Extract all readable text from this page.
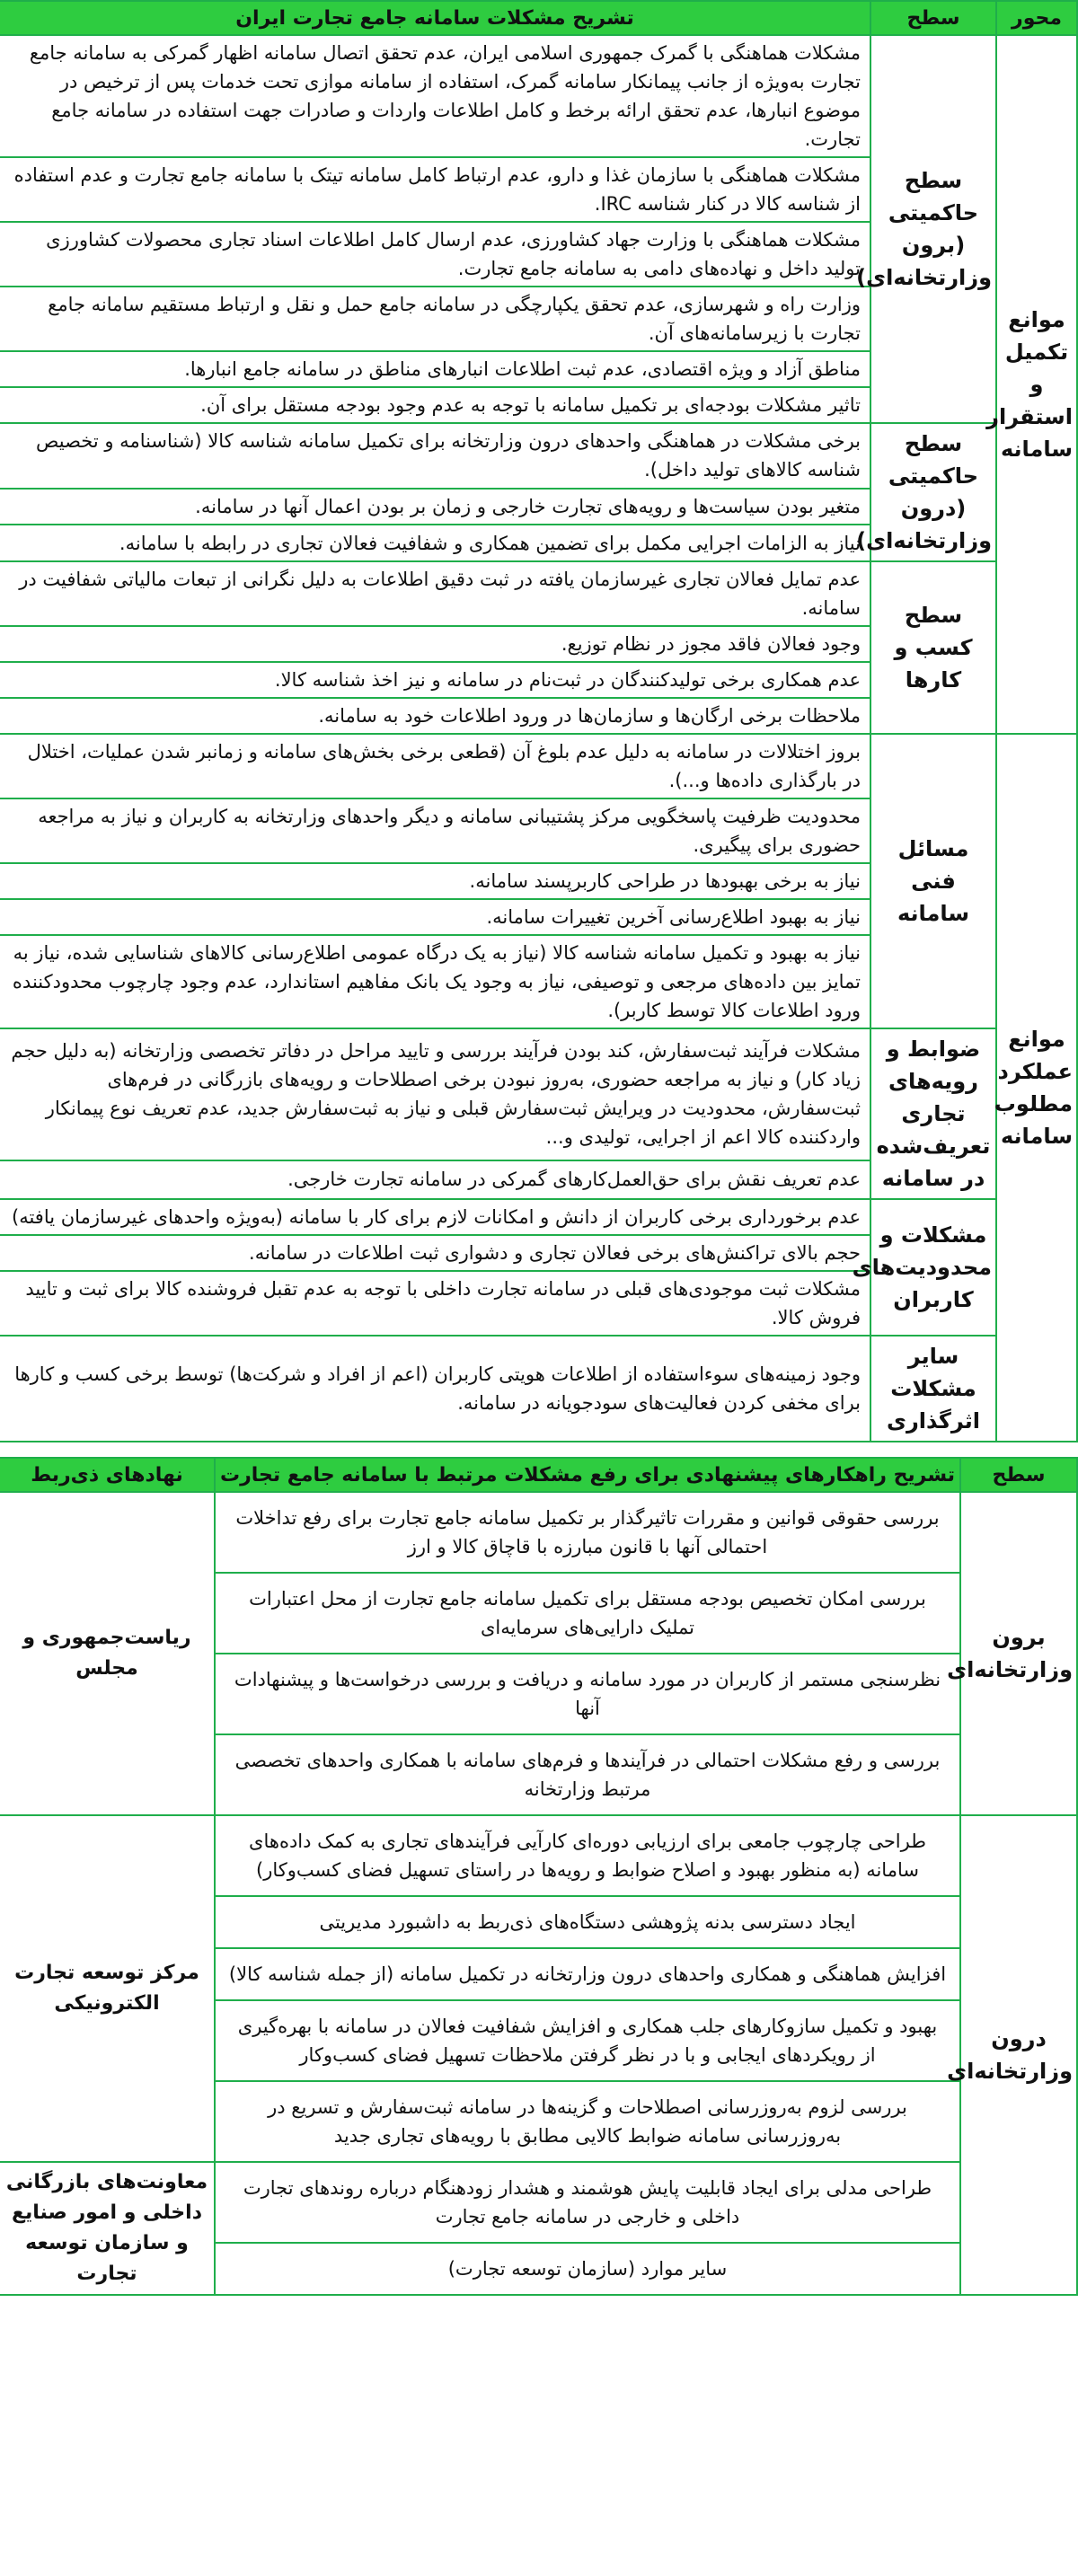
محور	سطح	تشریح مشکلات سامانه جامع تجارت ایران
موانع تکمیل و استقرار سامانه	سطح حاکمیتی (برون وزارتخانه‌ای)	مشکلات هماهنگی با گمرک جمهوری اسلامی ایران، عدم تحقق اتصال سامانه اظهار گمرکی به سامانه جامع تجارت به‌ویژه از جانب پیمانکار سامانه گمرک، استفاده از سامانه موازی تحت خدمات پس از ترخیص در موضوع انبارها، عدم تحقق ارائه برخط و کامل اطلاعات واردات و صادرات جهت استفاده در سامانه جامع تجارت.
		مشکلات هماهنگی با سازمان غذا و دارو، عدم ارتباط کامل سامانه تیتک با سامانه جامع تجارت و عدم استفاده از شناسه کالا در کنار شناسه IRC.
		مشکلات هماهنگی با وزارت جهاد کشاورزی، عدم ارسال کامل اطلاعات اسناد تجاری محصولات کشاورزی تولید داخل و نهاده‌های دامی به سامانه جامع تجارت.
		وزارت راه و شهرسازی، عدم تحقق یکپارچگی در سامانه جامع حمل و نقل و ارتباط مستقیم سامانه جامع تجارت با زیرسامانه‌های آن.
		مناطق آزاد و ویژه اقتصادی، عدم ثبت اطلاعات انبارهای مناطق در سامانه جامع انبارها.
		تاثیر مشکلات بودجه‌ای بر تکمیل سامانه با توجه به عدم وجود بودجه مستقل برای آن.
	سطح حاکمیتی (درون وزارتخانه‌ای)	برخی مشکلات در هماهنگی واحدهای درون وزارتخانه برای تکمیل سامانه شناسه کالا (شناسنامه و تخصیص شناسه کالاهای تولید داخل).
		متغیر بودن سیاست‌ها و رویه‌های تجارت خارجی و زمان بر بودن اعمال آنها در سامانه.
		نیاز به الزامات اجرایی مکمل برای تضمین همکاری و شفافیت فعالان تجاری در رابطه با سامانه.
	سطح کسب و کارها	عدم تمایل فعالان تجاری غیرسازمان یافته در ثبت دقیق اطلاعات به دلیل نگرانی از تبعات مالیاتی شفافیت در سامانه.
		وجود فعالان فاقد مجوز در نظام توزیع.
		عدم همکاری برخی تولیدکنندگان در ثبت‌نام در سامانه و نیز اخذ شناسه کالا.
		ملاحظات برخی ارگان‌ها و سازمان‌ها در ورود اطلاعات خود به سامانه.
موانع عملکرد مطلوب سامانه	مسائل فنی سامانه	بروز اختلالات در سامانه به دلیل عدم بلوغ آن (قطعی برخی بخش‌های سامانه و زمانبر شدن عملیات، اختلال در بارگذاری داده‌ها و...).
		محدودیت ظرفیت پاسخگویی مرکز پشتیبانی سامانه و دیگر واحدهای وزارتخانه به کاربران و نیاز به مراجعه حضوری برای پیگیری.
		نیاز به برخی بهبودها در طراحی کاربرپسند سامانه.
		نیاز به بهبود اطلاع‌رسانی آخرین تغییرات سامانه.
		نیاز به بهبود و تکمیل سامانه شناسه کالا (نیاز به یک درگاه عمومی اطلاع‌رسانی کالاهای شناسایی شده، نیاز به تمایز بین داده‌های مرجعی و توصیفی، نیاز به وجود یک بانک مفاهیم استاندارد، عدم وجود چارچوب محدودکننده ورود اطلاعات کالا توسط کاربر).
	ضوابط و رویه‌های تجاری تعریف‌شده در سامانه	مشکلات فرآیند ثبت‌سفارش، کند بودن فرآیند بررسی و تایید مراحل در دفاتر تخصصی وزارتخانه (به دلیل حجم زیاد کار) و نیاز به مراجعه حضوری، به‌روز نبودن برخی اصطلاحات و رویه‌های بازرگانی در فرم‌های ثبت‌سفارش، محدودیت در ویرایش ثبت‌سفارش قبلی و نیاز به ثبت‌سفارش جدید، عدم تعریف نوع پیمانکار واردکننده کالا اعم از اجرایی، تولیدی و...
		عدم تعریف نقش برای حق‌العمل‌کارهای گمرکی در سامانه تجارت خارجی.
	مشکلات و محدودیت‌های کاربران	عدم برخورداری برخی کاربران از دانش و امکانات لازم برای کار با سامانه (به‌ویژه واحدهای غیرسازمان یافته)
		حجم بالای تراکنش‌های برخی فعالان تجاری و دشواری ثبت اطلاعات در سامانه.
		مشکلات ثبت موجودی‌های قبلی در سامانه تجارت داخلی با توجه به عدم تقبل فروشنده کالا برای ثبت و تایید فروش کالا.
	سایر مشکلات اثرگذاری	وجود زمینه‌های سوءاستفاده از اطلاعات هویتی کاربران (اعم از افراد و شرکت‌ها) توسط برخی کسب و کارها برای مخفی کردن فعالیت‌های سودجویانه در سامانه.
سطح	تشریح راهکارهای پیشنهادی برای رفع مشکلات مرتبط با سامانه جامع تجارت	نهادهای ذی‌ربط
برون وزارتخانه‌ای	بررسی حقوقی قوانین و مقررات تاثیرگذار بر تکمیل سامانه جامع تجارت برای رفع تداخلات احتمالی آنها با قانون مبارزه با قاچاق کالا و ارز	ریاست‌جمهوری و مجلس
	بررسی امکان تخصیص بودجه مستقل برای تکمیل سامانه جامع تجارت از محل اعتبارات تملیک دارایی‌های سرمایه‌ای	
	نظرسنجی مستمر از کاربران در مورد سامانه و دریافت و بررسی درخواست‌ها و پیشنهادات آنها	
	بررسی و رفع مشکلات احتمالی در فرآیندها و فرم‌های سامانه با همکاری واحدهای تخصصی مرتبط وزارتخانه	
درون وزارتخانه‌ای	طراحی چارچوب جامعی برای ارزیابی دوره‌ای کارآیی فرآیندهای تجاری به کمک داده‌های سامانه (به منظور بهبود و اصلاح ضوابط و رویه‌ها در راستای تسهیل فضای کسب‌وکار)	مرکز توسعه تجارت الکترونیکی
	ایجاد دسترسی بدنه پژوهشی دستگاه‌های ذی‌ربط به داشبورد مدیریتی	
	افزایش هماهنگی و همکاری واحدهای درون وزارتخانه در تکمیل سامانه (از جمله شناسه کالا)	
	بهبود و تکمیل سازوکارهای جلب همکاری و افزایش شفافیت فعالان در سامانه با بهره‌گیری از رویکردهای ایجابی و با در نظر گرفتن ملاحظات تسهیل فضای کسب‌وکار	
	بررسی لزوم به‌روزرسانی اصطلاحات و گزینه‌ها در سامانه ثبت‌سفارش و تسریع در به‌روزرسانی سامانه ضوابط کالایی مطابق با رویه‌های تجاری جدید	
	طراحی مدلی برای ایجاد قابلیت پایش هوشمند و هشدار زودهنگام درباره روندهای تجارت داخلی و خارجی در سامانه جامع تجارت	معاونت‌های بازرگانی داخلی و امور صنایع و سازمان توسعه تجارت
	سایر موارد (سازمان توسعه تجارت)	
